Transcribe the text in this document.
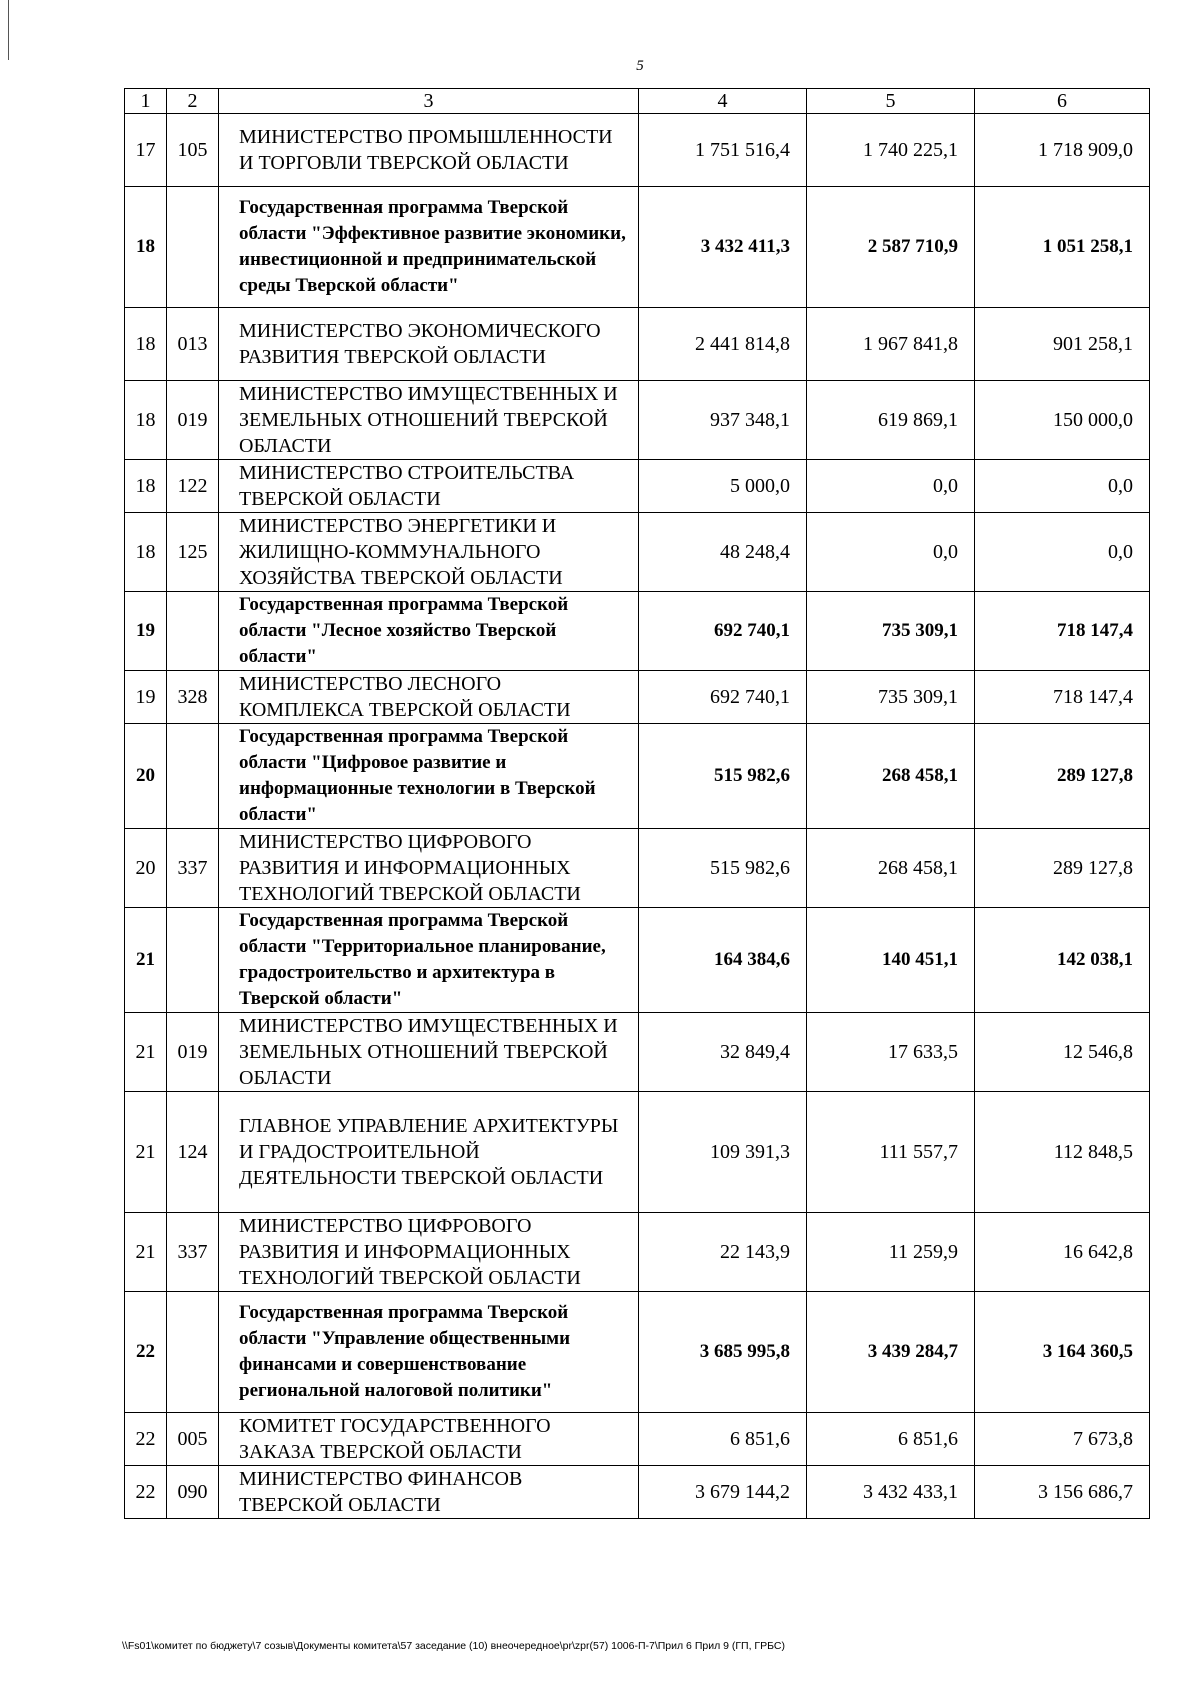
5
1	2	3	4	5	6
17	105	МИНИСТЕРСТВО ПРОМЫШЛЕННОСТИ И ТОРГОВЛИ ТВЕРСКОЙ ОБЛАСТИ	1 751 516,4	1 740 225,1	1 718 909,0
18		Государственная программа Тверской области "Эффективное развитие экономики, инвестиционной и предпринимательской среды Тверской области"	3 432 411,3	2 587 710,9	1 051 258,1
18	013	МИНИСТЕРСТВО ЭКОНОМИЧЕСКОГО РАЗВИТИЯ ТВЕРСКОЙ ОБЛАСТИ	2 441 814,8	1 967 841,8	901 258,1
18	019	МИНИСТЕРСТВО ИМУЩЕСТВЕННЫХ И ЗЕМЕЛЬНЫХ ОТНОШЕНИЙ ТВЕРСКОЙ ОБЛАСТИ	937 348,1	619 869,1	150 000,0
18	122	МИНИСТЕРСТВО СТРОИТЕЛЬСТВА ТВЕРСКОЙ ОБЛАСТИ	5 000,0	0,0	0,0
18	125	МИНИСТЕРСТВО ЭНЕРГЕТИКИ И ЖИЛИЩНО-КОММУНАЛЬНОГО ХОЗЯЙСТВА ТВЕРСКОЙ ОБЛАСТИ	48 248,4	0,0	0,0
19		Государственная программа Тверской области "Лесное хозяйство Тверской области"	692 740,1	735 309,1	718 147,4
19	328	МИНИСТЕРСТВО ЛЕСНОГО КОМПЛЕКСА ТВЕРСКОЙ ОБЛАСТИ	692 740,1	735 309,1	718 147,4
20		Государственная программа Тверской области "Цифровое развитие и информационные технологии в Тверской области"	515 982,6	268 458,1	289 127,8
20	337	МИНИСТЕРСТВО ЦИФРОВОГО РАЗВИТИЯ И ИНФОРМАЦИОННЫХ ТЕХНОЛОГИЙ ТВЕРСКОЙ ОБЛАСТИ	515 982,6	268 458,1	289 127,8
21		Государственная программа Тверской области "Территориальное планирование, градостроительство и архитектура в Тверской области"	164 384,6	140 451,1	142 038,1
21	019	МИНИСТЕРСТВО ИМУЩЕСТВЕННЫХ И ЗЕМЕЛЬНЫХ ОТНОШЕНИЙ ТВЕРСКОЙ ОБЛАСТИ	32 849,4	17 633,5	12 546,8
21	124	ГЛАВНОЕ УПРАВЛЕНИЕ АРХИТЕКТУРЫ И ГРАДОСТРОИТЕЛЬНОЙ ДЕЯТЕЛЬНОСТИ ТВЕРСКОЙ ОБЛАСТИ	109 391,3	111 557,7	112 848,5
21	337	МИНИСТЕРСТВО ЦИФРОВОГО РАЗВИТИЯ И ИНФОРМАЦИОННЫХ ТЕХНОЛОГИЙ ТВЕРСКОЙ ОБЛАСТИ	22 143,9	11 259,9	16 642,8
22		Государственная программа Тверской области "Управление общественными финансами и совершенствование региональной налоговой политики"	3 685 995,8	3 439 284,7	3 164 360,5
22	005	КОМИТЕТ ГОСУДАРСТВЕННОГО ЗАКАЗА ТВЕРСКОЙ ОБЛАСТИ	6 851,6	6 851,6	7 673,8
22	090	МИНИСТЕРСТВО ФИНАНСОВ ТВЕРСКОЙ ОБЛАСТИ	3 679 144,2	3 432 433,1	3 156 686,7
\\Fs01\комитет по бюджету\7 созыв\Документы комитета\57 заседание (10) внеочередное\pr\zpr(57) 1006-П-7\Прил 6 Прил 9 (ГП, ГРБС)
